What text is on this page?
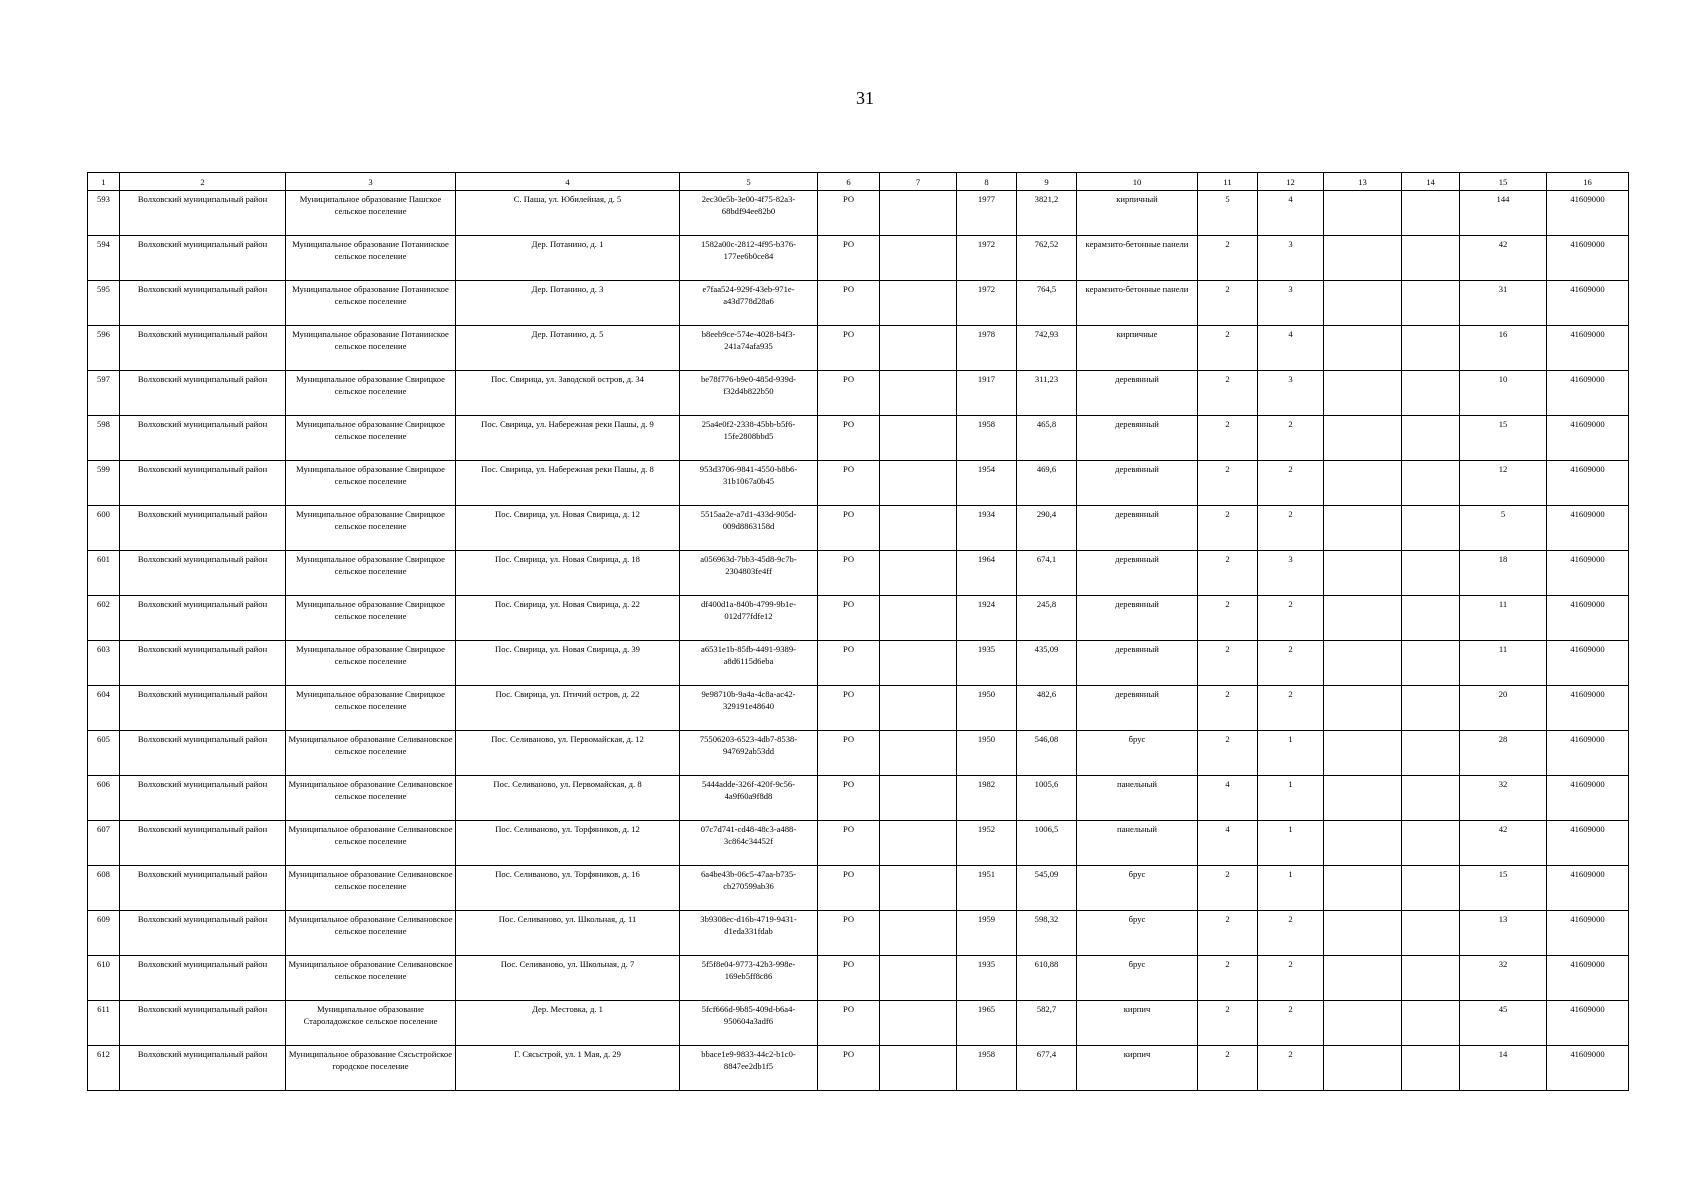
31
1	2	3	4	5	6	7	8	9	10	11	12	13	14	15	16
593	Волховский муниципальный район	Муниципальное образование Пашское сельское поселение	С. Паша, ул. Юбилейная, д. 5	2ec30e5b-3e00-4f75-82a3-68bdf94ee82b0	РО		1977	3821,2	кирпичный	5	4			144	41609000
594	Волховский муниципальный район	Муниципальное образование Потанинское сельское поселение	Дер. Потанино, д. 1	1582a00c-2812-4f95-b376-177ee6b0ce84	РО		1972	762,52	керамзито-бетонные панели	2	3			42	41609000
595	Волховский муниципальный район	Муниципальное образование Потанинское сельское поселение	Дер. Потанино, д. 3	e7faa524-929f-43eb-971e-a43d778d28a6	РО		1972	764,5	керамзито-бетонные панели	2	3			31	41609000
596	Волховский муниципальный район	Муниципальное образование Потанинское сельское поселение	Дер. Потанино, д. 5	b8eeb9ce-574e-4028-b4f3-241a74afa935	РО		1978	742,93	кирпичные	2	4			16	41609000
597	Волховский муниципальный район	Муниципальное образование Свирицкое сельское поселение	Пос. Свирица, ул. Заводской остров, д. 34	be78f776-b9e0-485d-939d-f32d4b822b50	РО		1917	311,23	деревянный	2	3			10	41609000
598	Волховский муниципальный район	Муниципальное образование Свирицкое сельское поселение	Пос. Свирица, ул. Набережная реки Пашы, д. 9	25a4e0f2-2338-45bb-b5f6-15fe2808bbd5	РО		1958	465,8	деревянный	2	2			15	41609000
599	Волховский муниципальный район	Муниципальное образование Свирицкое сельское поселение	Пос. Свирица, ул. Набережная реки Пашы, д. 8	953d3706-9841-4550-b8b6-31b1067a0b45	РО		1954	469,6	деревянный	2	2			12	41609000
600	Волховский муниципальный район	Муниципальное образование Свирицкое сельское поселение	Пос. Свирица, ул. Новая Свирица, д. 12	5515aa2e-a7d1-433d-905d-009d8863158d	РО		1934	290,4	деревянный	2	2			5	41609000
601	Волховский муниципальный район	Муниципальное образование Свирицкое сельское поселение	Пос. Свирица, ул. Новая Свирица, д. 18	a056963d-7bb3-45d8-9c7b-2304803fe4ff	РО		1964	674,1	деревянный	2	3			18	41609000
602	Волховский муниципальный район	Муниципальное образование Свирицкое сельское поселение	Пос. Свирица, ул. Новая Свирица, д. 22	df400d1a-840b-4799-9b1e-012d77fdfe12	РО		1924	245,8	деревянный	2	2			11	41609000
603	Волховский муниципальный район	Муниципальное образование Свирицкое сельское поселение	Пос. Свирица, ул. Новая Свирица, д. 39	a6531e1b-85fb-4491-9389-a8d6115d6eba	РО		1935	435,09	деревянный	2	2			11	41609000
604	Волховский муниципальный район	Муниципальное образование Свирицкое сельское поселение	Пос. Свирица, ул. Птичий остров, д. 22	9e98710b-9a4a-4c8a-ac42-329191e48640	РО		1950	482,6	деревянный	2	2			20	41609000
605	Волховский муниципальный район	Муниципальное образование Селивановское сельское поселение	Пос. Селиваново, ул. Первомайская, д. 12	75506203-6523-4db7-8538-947692ab53dd	РО		1950	546,08	брус	2	1			28	41609000
606	Волховский муниципальный район	Муниципальное образование Селивановское сельское поселение	Пос. Селиваново, ул. Первомайская, д. 8	5444adde-326f-420f-9c56-4a9f60a9f8d8	РО		1982	1005,6	панельный	4	1			32	41609000
607	Волховский муниципальный район	Муниципальное образование Селивановское сельское поселение	Пос. Селиваново, ул. Торфяников, д. 12	07c7d741-cd48-48c3-a488-3c864c34452f	РО		1952	1006,5	панельный	4	1			42	41609000
608	Волховский муниципальный район	Муниципальное образование Селивановское сельское поселение	Пос. Селиваново, ул. Торфяников, д. 16	6a4be43b-06c5-47aa-b735-cb270599ab36	РО		1951	545,09	брус	2	1			15	41609000
609	Волховский муниципальный район	Муниципальное образование Селивановское сельское поселение	Пос. Селиваново, ул. Школьная, д. 11	3b9308ec-d16b-4719-9431-d1eda331fdab	РО		1959	598,32	брус	2	2			13	41609000
610	Волховский муниципальный район	Муниципальное образование Селивановское сельское поселение	Пос. Селиваново, ул. Школьная, д. 7	5f5f8e04-9773-42b3-998e-169eb5ff8c86	РО		1935	610,88	брус	2	2			32	41609000
611	Волховский муниципальный район	Муниципальное образование Староладожское сельское поселение	Дер. Местовка, д. 1	5fcf666d-9b85-409d-b6a4-950604a3adf6	РО		1965	582,7	кирпич	2	2			45	41609000
612	Волховский муниципальный район	Муниципальное образование Сясьстройское городское поселение	Г. Сясьстрой, ул. 1 Мая, д. 29	bbace1e9-9833-44c2-b1c0-8847ee2db1f5	РО		1958	677,4	кирпич	2	2			14	41609000
